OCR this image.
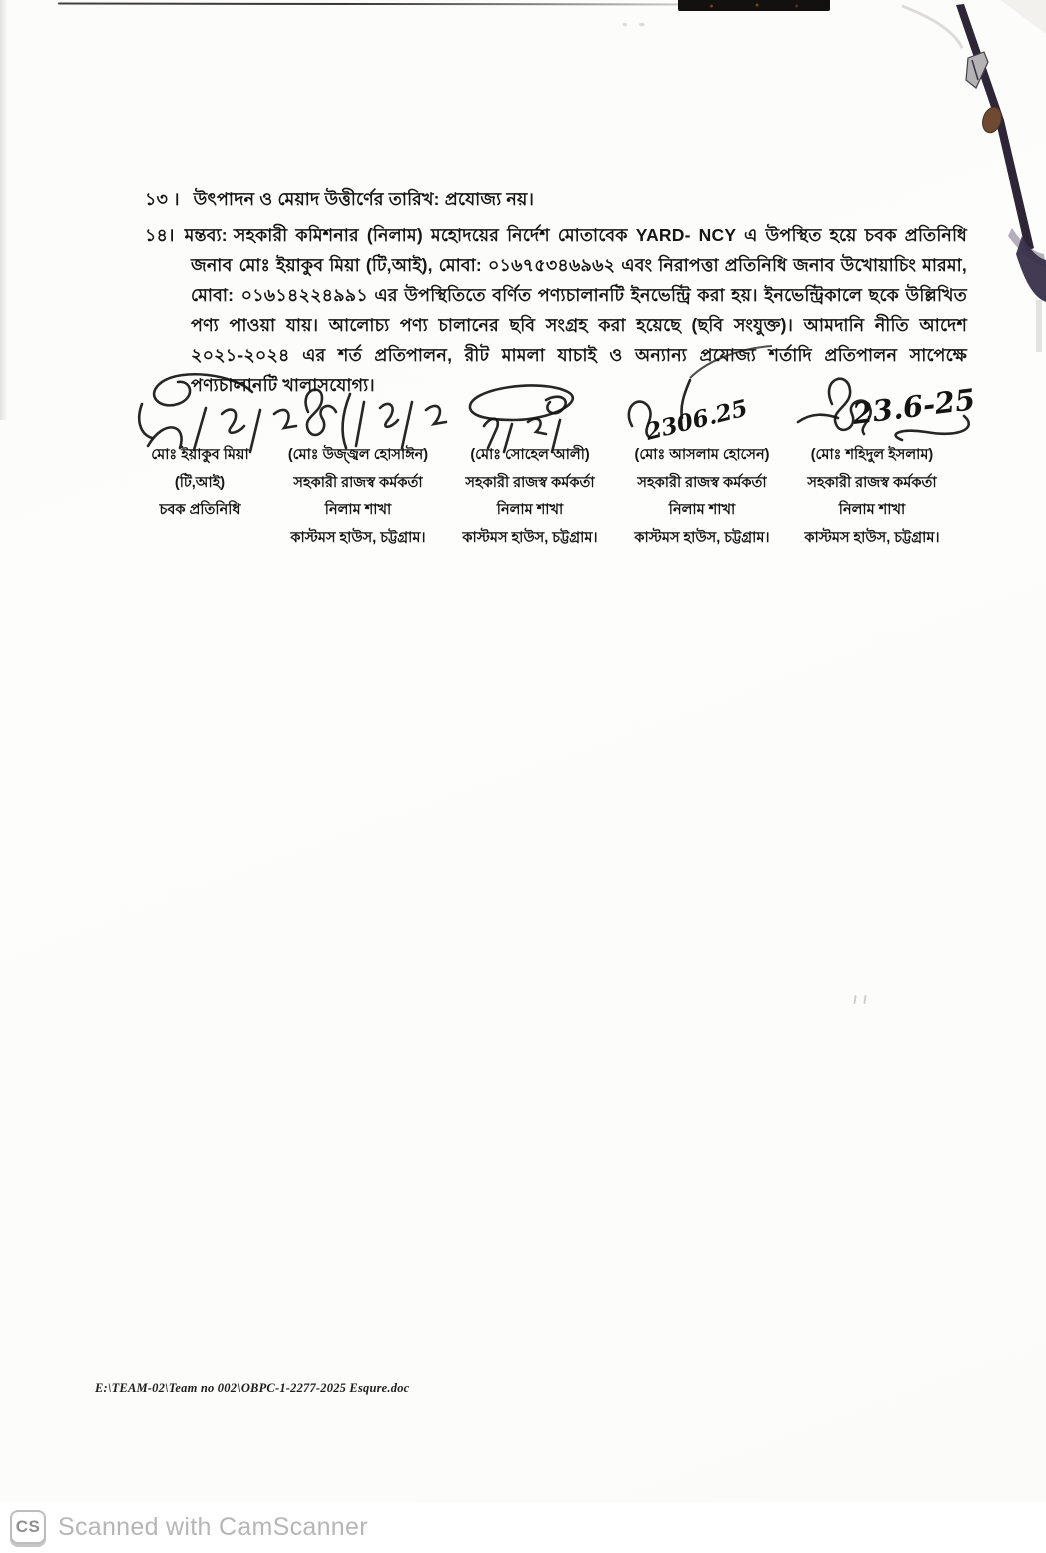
১৩ । উৎপাদন ও মেয়াদ উত্তীর্ণের তারিখ: প্রযোজ্য নয়।

১৪। মন্তব্য: সহকারী কমিশনার (নিলাম) মহোদয়ের নির্দেশ মোতাবেক YARD- NCY এ উপস্থিত হয়ে চবক প্রতিনিধি জনাব মোঃ ইয়াকুব মিয়া (টি,আই), মোবা: ০১৬৭৫৩৪৬৯৬২ এবং নিরাপত্তা প্রতিনিধি জনাব উখোয়াচিং মারমা, মোবা: ০১৬১৪২২৪৯৯১ এর উপস্থিতিতে বর্ণিত পণ্যচালানটি ইনভেন্ট্রি করা হয়। ইনভেন্ট্রিকালে ছকে উল্লিখিত পণ্য পাওয়া যায়। আলোচ্য পণ্য চালানের ছবি সংগ্রহ করা হয়েছে (ছবি সংযুক্ত)। আমদানি নীতি আদেশ ২০২১-২০২৪ এর শর্ত প্রতিপালন, রীট মামলা যাচাই ও অন্যান্য প্রযোজ্য শর্তাদি প্রতিপালন সাপেক্ষে পণ্যচালানটি খালাসযোগ্য।

2306.25	23.6-25
মোঃ ইয়াকুব মিয়া
(টি,আই)
চবক প্রতিনিধি
(মোঃ উজ্জ্বল হোসাঈন)
সহকারী রাজস্ব কর্মকর্তা
নিলাম শাখা
কাস্টমস হাউস, চট্টগ্রাম।
(মোঃ সোহেল আলী)
সহকারী রাজস্ব কর্মকর্তা
নিলাম শাখা
কাস্টমস হাউস, চট্টগ্রাম।
(মোঃ আসলাম হোসেন)
সহকারী রাজস্ব কর্মকর্তা
নিলাম শাখা
কাস্টমস হাউস, চট্টগ্রাম।
(মোঃ শহিদুল ইসলাম)
সহকারী রাজস্ব কর্মকর্তা
নিলাম শাখা
কাস্টমস হাউস, চট্টগ্রাম।
E:\TEAM-02\Team no 002\OBPC-1-2277-2025 Esqure.doc
CS Scanned with CamScanner
